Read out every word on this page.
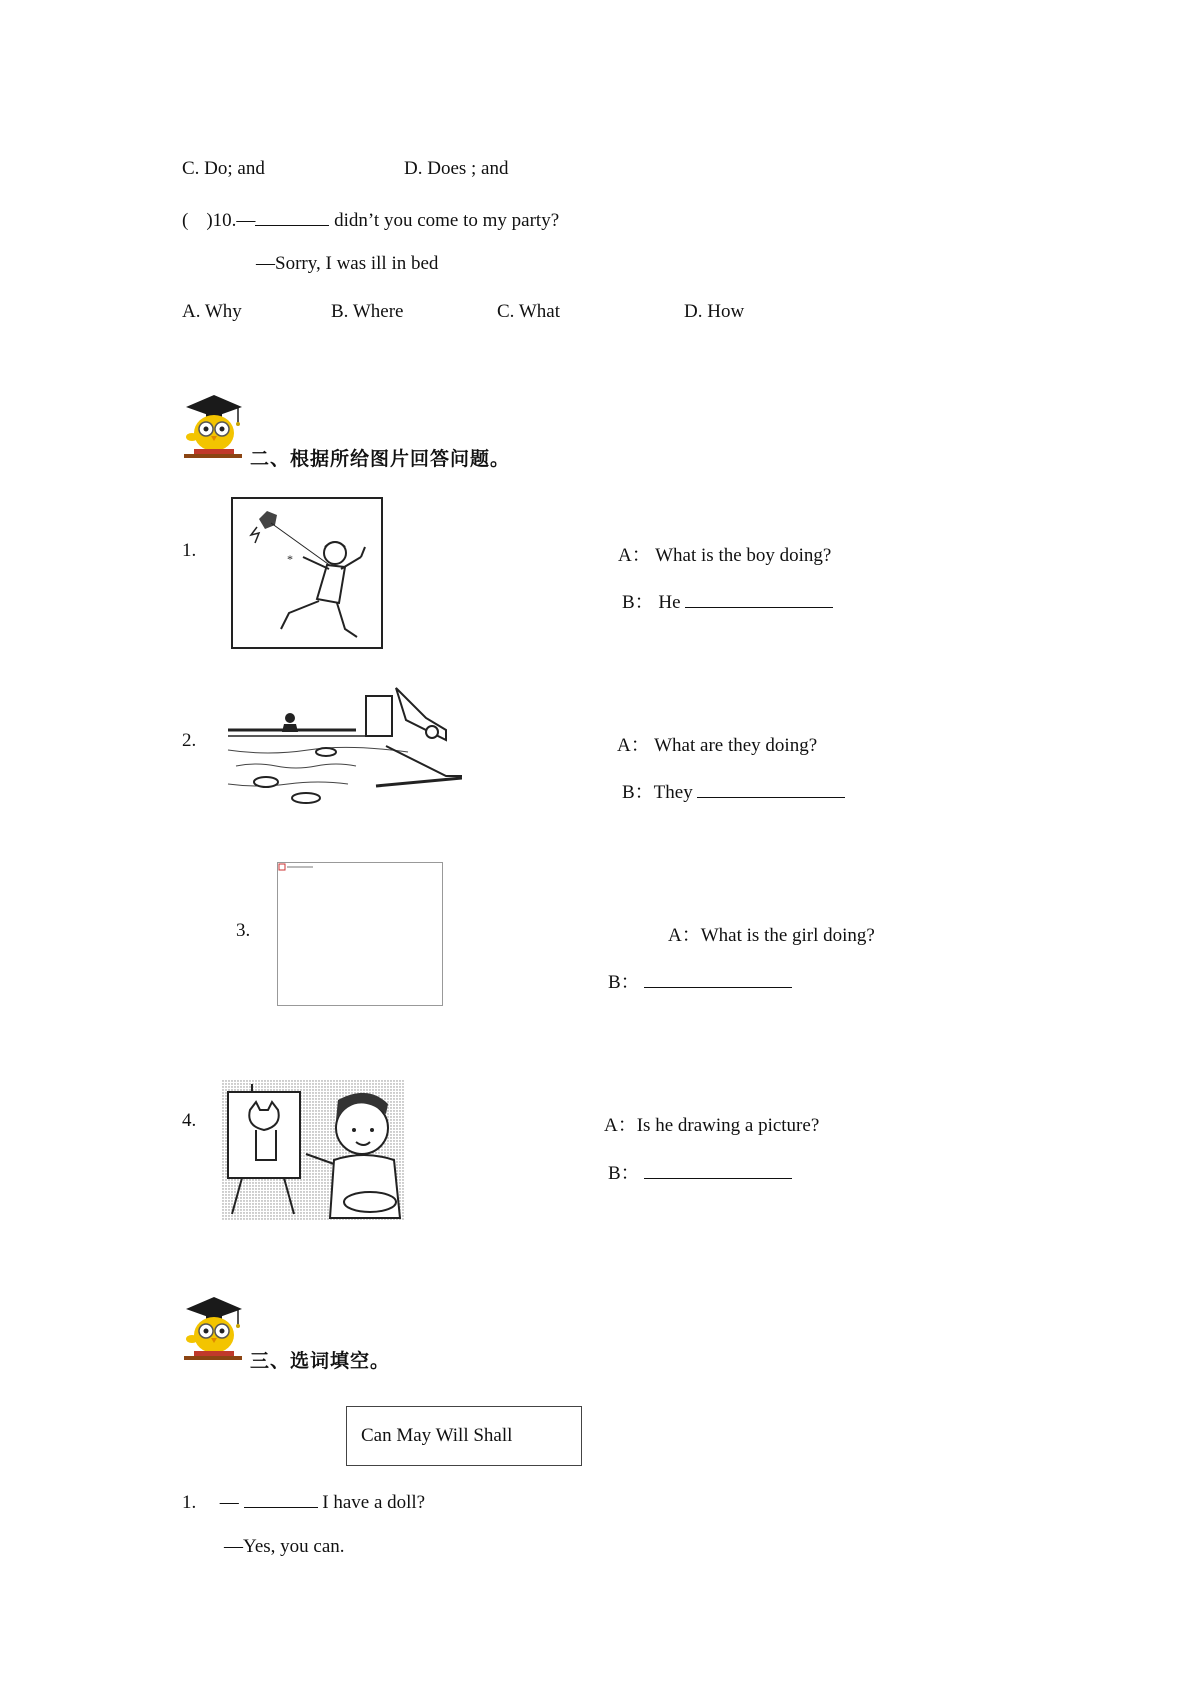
C. Do; and	D. Does ; and
( )10.—	didn’t you come to my party?
—Sorry, I was ill in bed
A. Why	B. Where	C. What	D. How
二、根据所给图片回答问题。
1.	*	A： What is the boy doing?
B： He
2.	A： What are they doing?
B：They
3.	A：What is the girl doing?
B：
4.	A：Is he drawing a picture?
B：
三、选词填空。
Can May Will Shall
1. —	I have a doll?
—Yes, you can.
